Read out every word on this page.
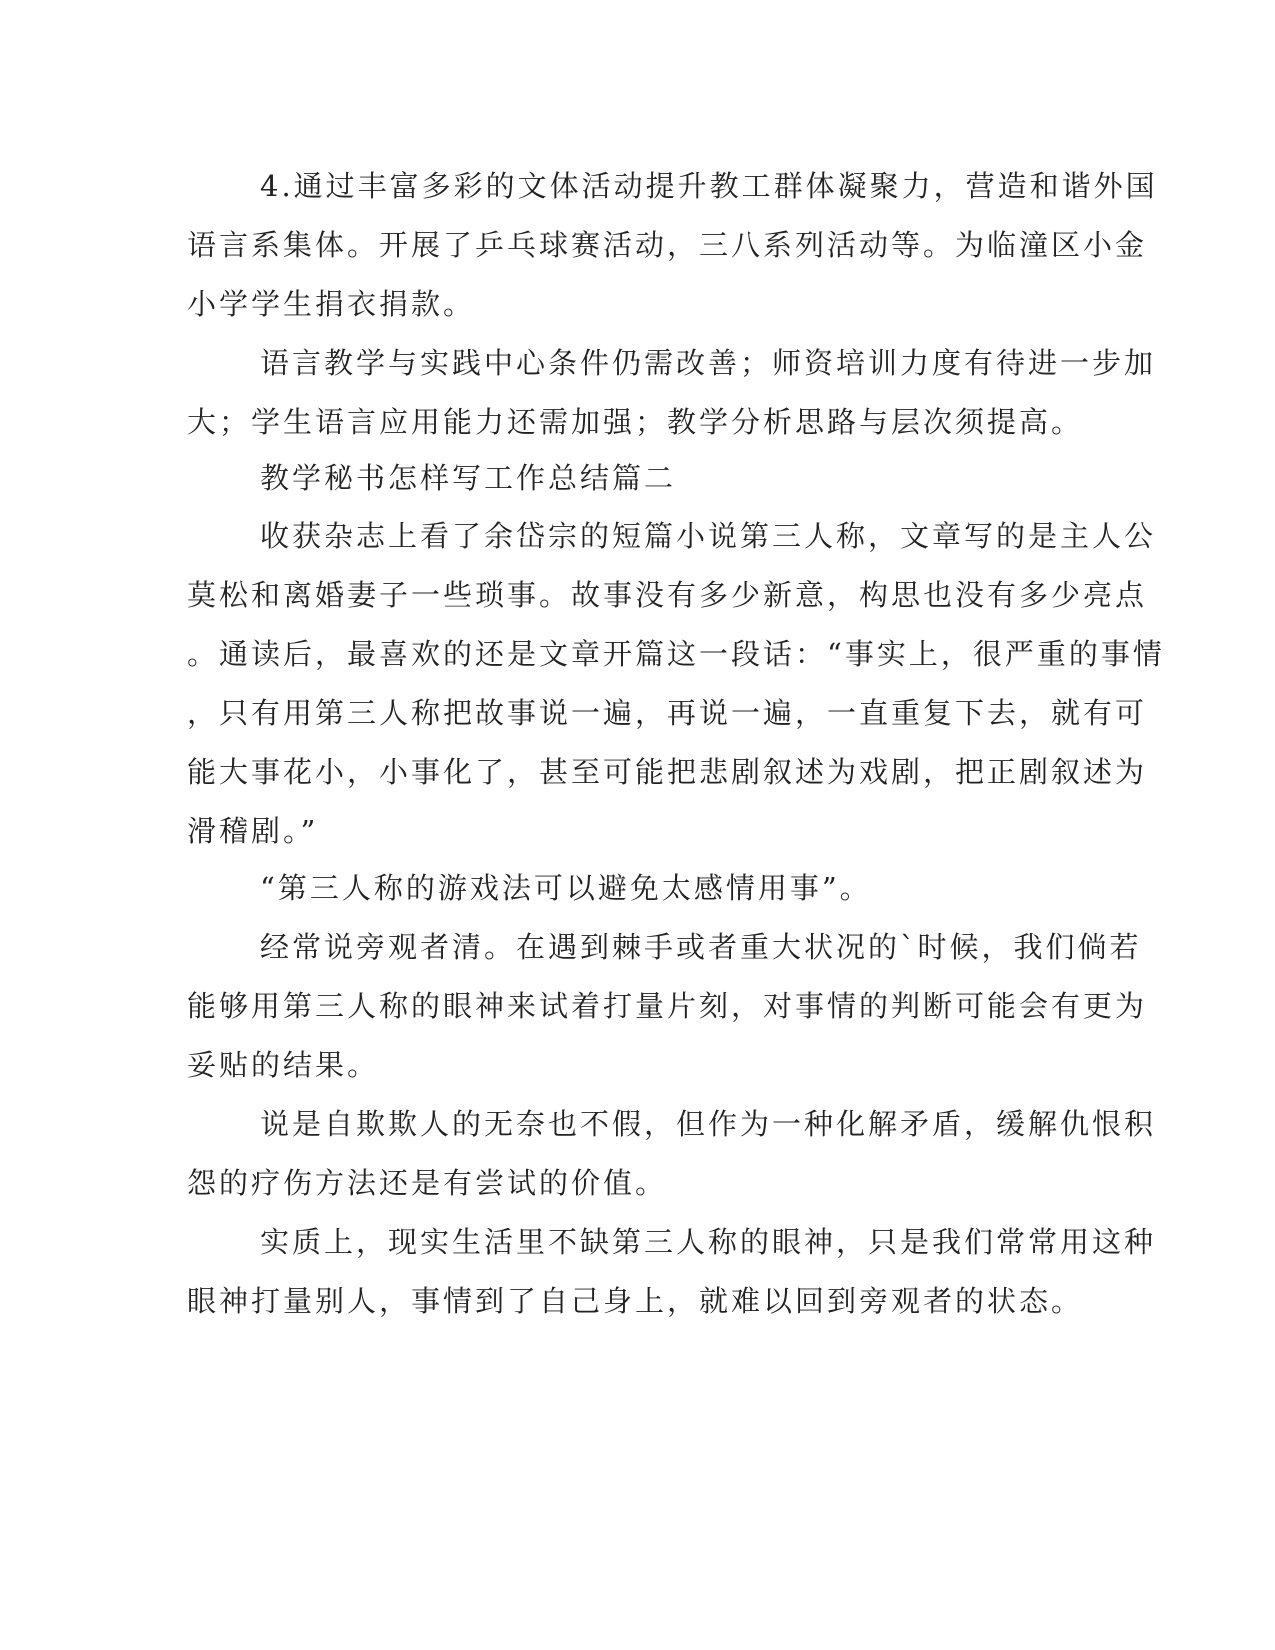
4.通过丰富多彩的文体活动提升教工群体凝聚力，营造和谐外国
语言系集体。开展了乒乓球赛活动，三八系列活动等。为临潼区小金
小学学生捐衣捐款。
语言教学与实践中心条件仍需改善；师资培训力度有待进一步加
大；学生语言应用能力还需加强；教学分析思路与层次须提高。
教学秘书怎样写工作总结篇二
收获杂志上看了余岱宗的短篇小说第三人称，文章写的是主人公
莫松和离婚妻子一些琐事。故事没有多少新意，构思也没有多少亮点
。通读后，最喜欢的还是文章开篇这一段话：“事实上，很严重的事情
，只有用第三人称把故事说一遍，再说一遍，一直重复下去，就有可
能大事花小，小事化了，甚至可能把悲剧叙述为戏剧，把正剧叙述为
滑稽剧。”
“第三人称的游戏法可以避免太感情用事”。
经常说旁观者清。在遇到棘手或者重大状况的`时候，我们倘若
能够用第三人称的眼神来试着打量片刻，对事情的判断可能会有更为
妥贴的结果。
说是自欺欺人的无奈也不假，但作为一种化解矛盾，缓解仇恨积
怨的疗伤方法还是有尝试的价值。
实质上，现实生活里不缺第三人称的眼神，只是我们常常用这种
眼神打量别人，事情到了自己身上，就难以回到旁观者的状态。
